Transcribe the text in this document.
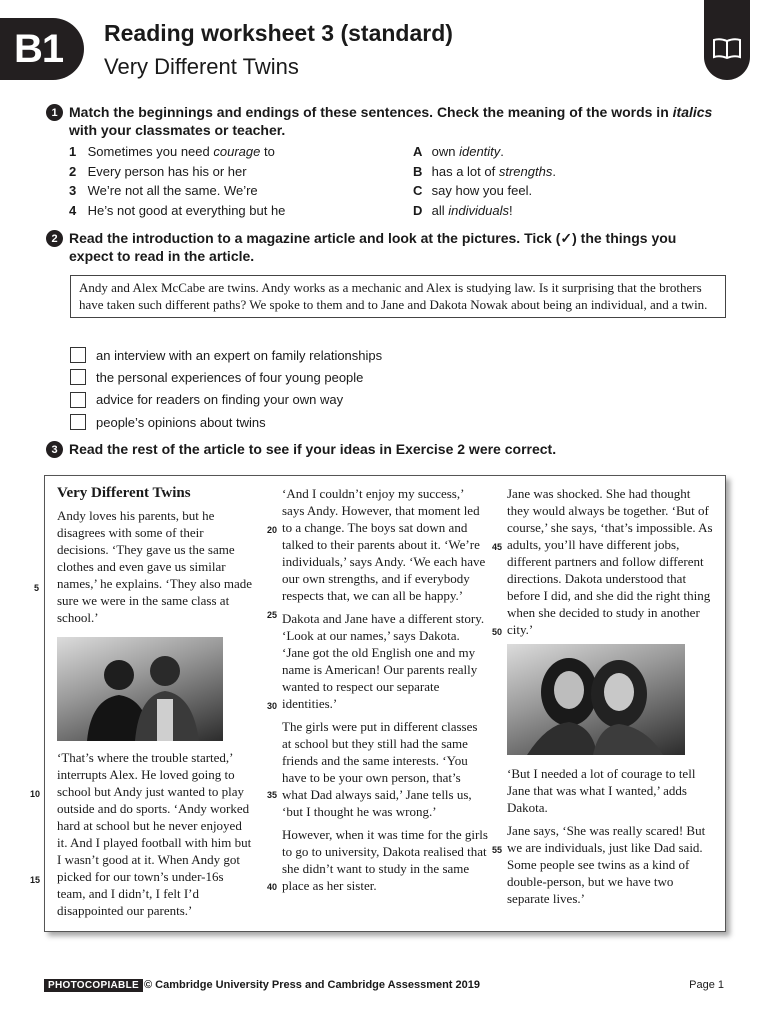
B1 Reading worksheet 3 (standard)
Very Different Twins
1 Match the beginnings and endings of these sentences. Check the meaning of the words in italics with your classmates or teacher.
1 Sometimes you need courage to
2 Every person has his or her
3 We’re not all the same. We’re
4 He’s not good at everything but he
A own identity.
B has a lot of strengths.
C say how you feel.
D all individuals!
2 Read the introduction to a magazine article and look at the pictures. Tick (✓) the things you expect to read in the article.
Andy and Alex McCabe are twins. Andy works as a mechanic and Alex is studying law. Is it surprising that the brothers have taken such different paths? We spoke to them and to Jane and Dakota Nowak about being an individual, and a twin.
an interview with an expert on family relationships
the personal experiences of four young people
advice for readers on finding your own way
people’s opinions about twins
3 Read the rest of the article to see if your ideas in Exercise 2 were correct.

Very Different Twins

Andy loves his parents, but he disagrees with some of their decisions. ‘They gave us the same clothes and even gave us similar names,’ he explains. ‘They also made sure we were in the same class at school.’

‘That’s where the trouble started,’ interrupts Alex. He loved going to school but Andy just wanted to play outside and do sports. ‘Andy worked hard at school but he never enjoyed it. And I played football with him but I wasn’t good at it. When Andy got picked for our town’s under-16s team, and I didn’t, I felt I’d disappointed our parents.’

‘And I couldn’t enjoy my success,’ says Andy. However, that moment led to a change. The boys sat down and talked to their parents about it. ‘We’re individuals,’ says Andy. ‘We each have our own strengths, and if everybody respects that, we can all be happy.’

Dakota and Jane have a different story. ‘Look at our names,’ says Dakota. ‘Jane got the old English one and my name is American! Our parents really wanted to respect our separate identities.’

The girls were put in different classes at school but they still had the same friends and the same interests. ‘You have to be your own person, that’s what Dad always said,’ Jane tells us, ‘but I thought he was wrong.’

However, when it was time for the girls to go to university, Dakota realised that she didn’t want to study in the same place as her sister.

Jane was shocked. She had thought they would always be together. ‘But of course,’ she says, ‘that’s impossible. As adults, you’ll have different jobs, different partners and follow different directions. Dakota understood that before I did, and she did the right thing when she decided to study in another city.’

‘But I needed a lot of courage to tell Jane that was what I wanted,’ adds Dakota.

Jane says, ‘She was really scared! But we are individuals, just like Dad said. Some people see twins as a kind of double-person, but we have two separate lives.’

5
10
15
20
25
30
35
40
45
50
55
PHOTOCOPIABLE © Cambridge University Press and Cambridge Assessment 2019	Page 1
